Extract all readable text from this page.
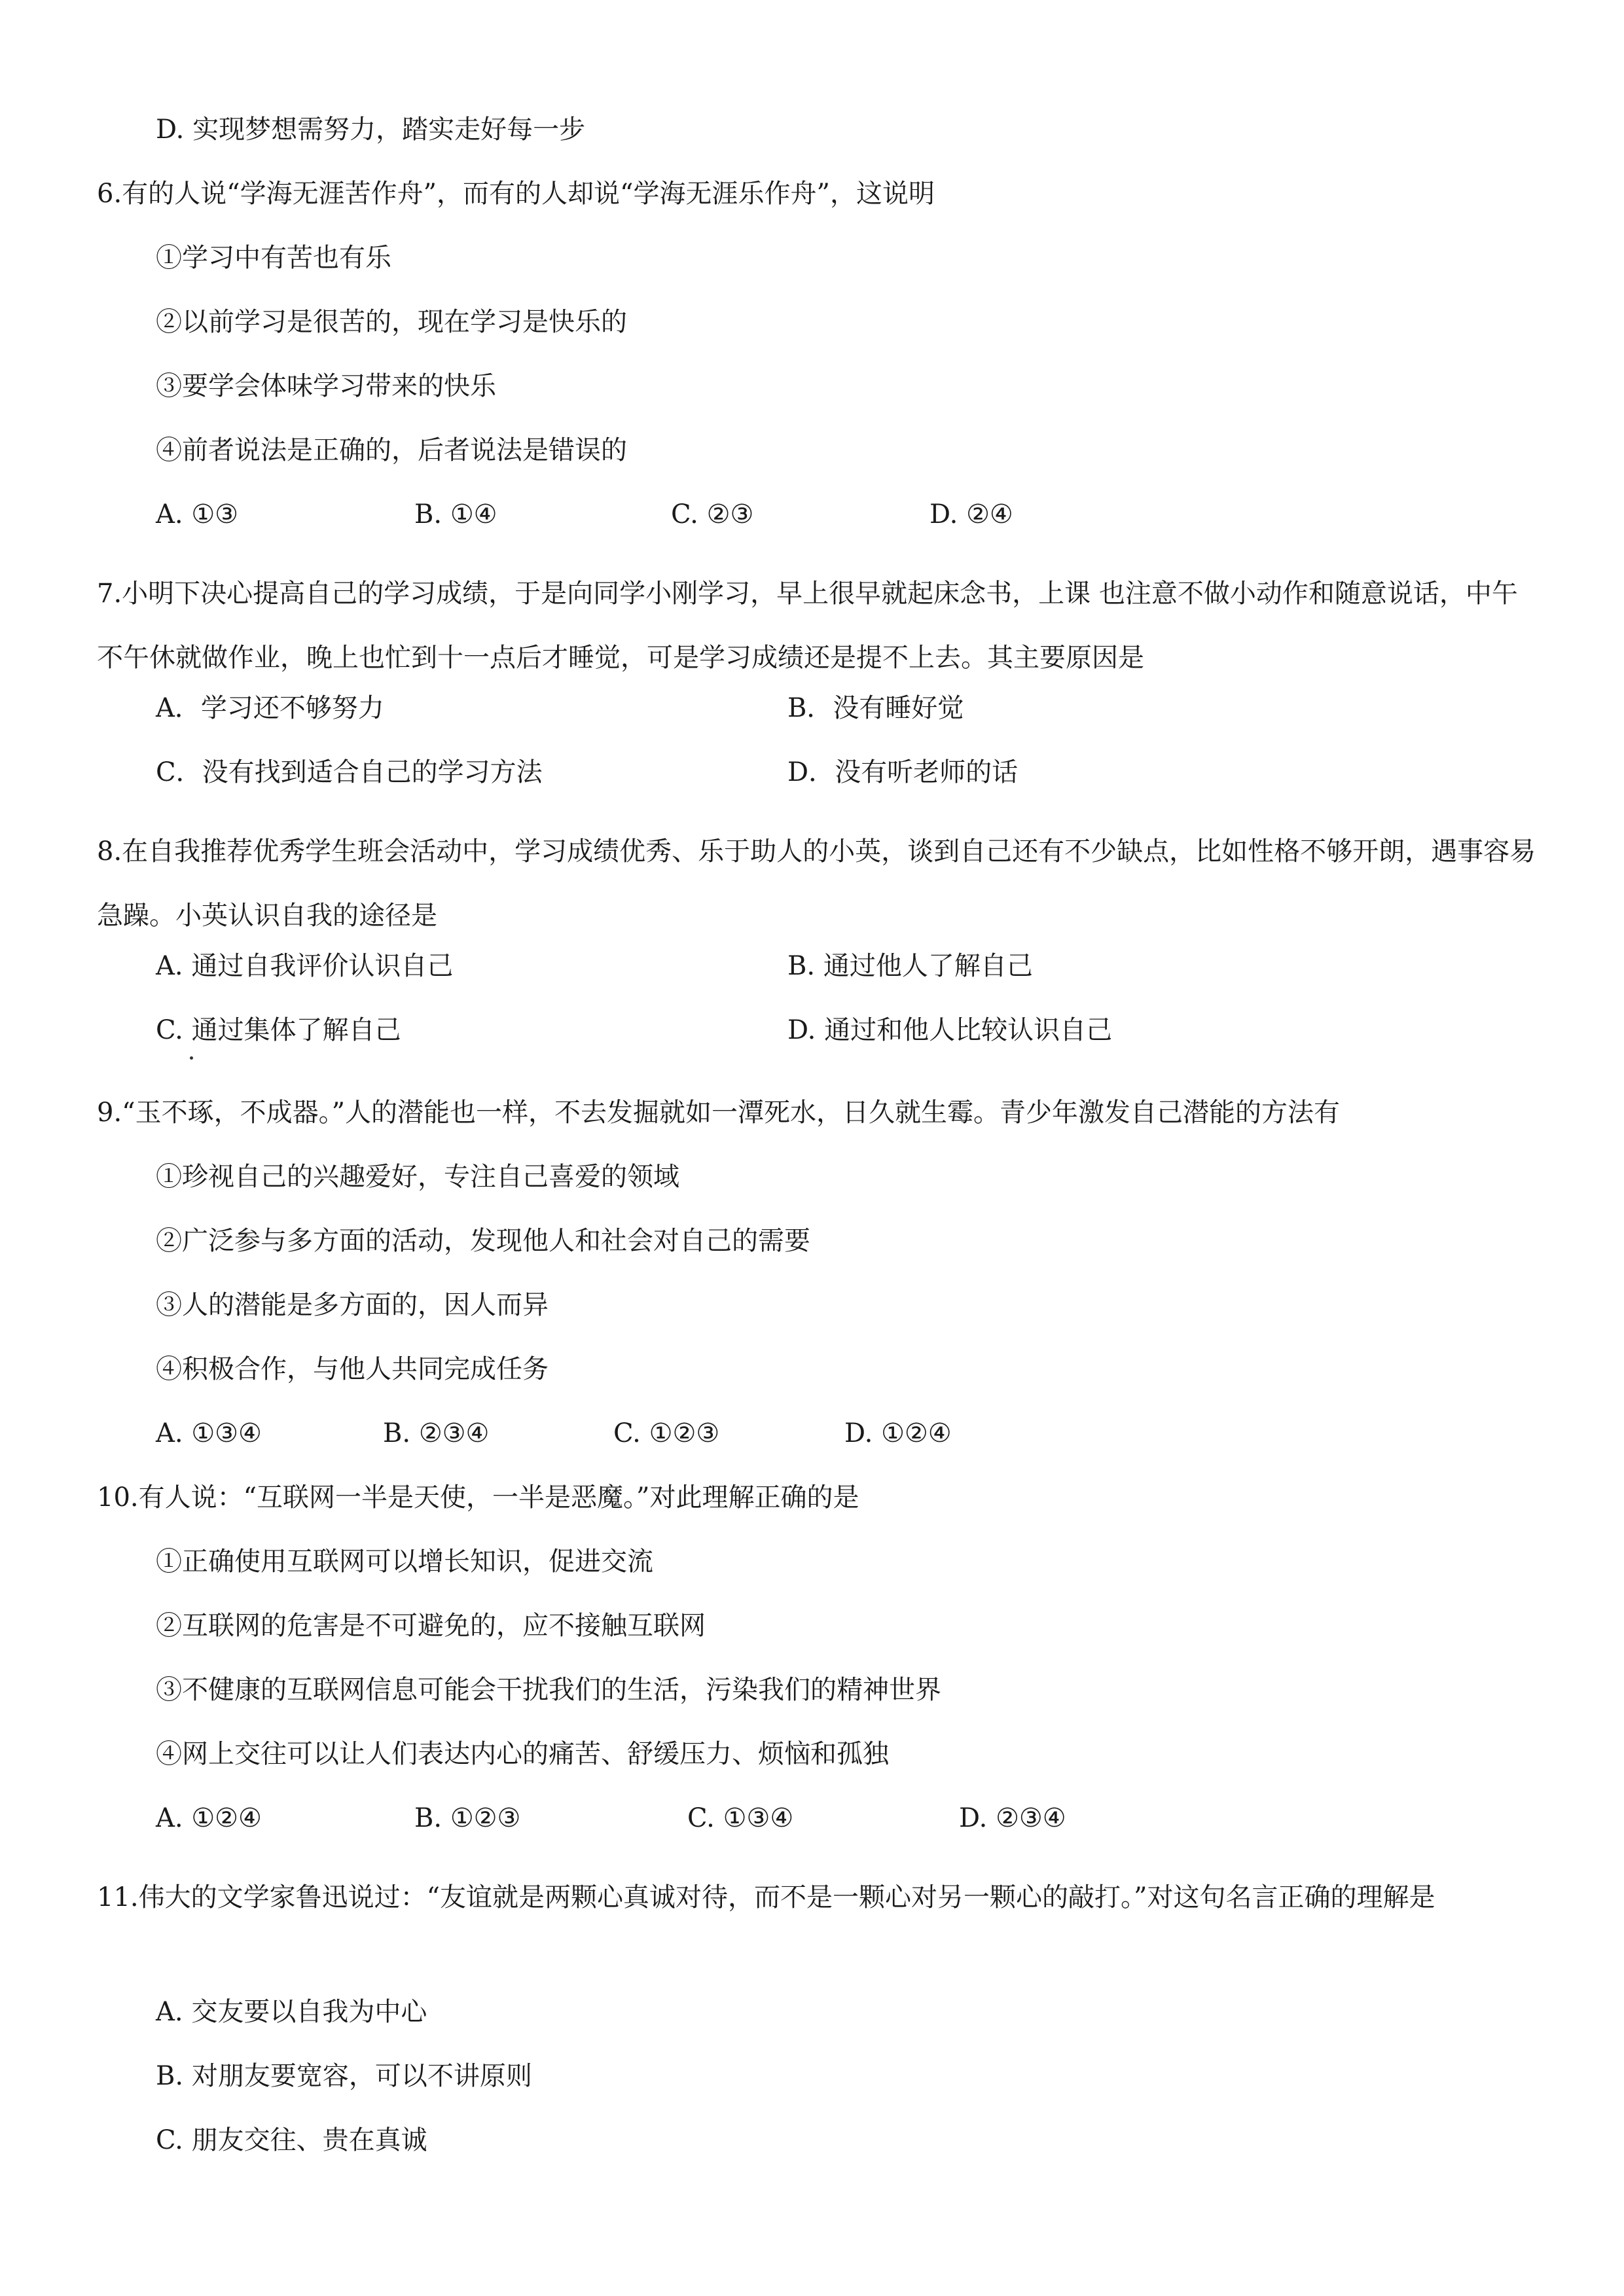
D. 实现梦想需努力，踏实走好每一步
6.有的人说“学海无涯苦作舟”，而有的人却说“学海无涯乐作舟”，这说明
①学习中有苦也有乐
②以前学习是很苦的，现在学习是快乐的
③要学会体味学习带来的快乐
④前者说法是正确的，后者说法是错误的
A. ①③	B. ①④	C. ②③	D. ②④
7.小明下决心提高自己的学习成绩，于是向同学小刚学习，早上很早就起床念书，上课 也注意不做小动作和随意说话，中午不午休就做作业，晚上也忙到十一点后才睡觉，可是学习成绩还是提不上去。其主要原因是
A．学习还不够努力	B．没有睡好觉
C．没有找到适合自己的学习方法	D．没有听老师的话
8.在自我推荐优秀学生班会活动中，学习成绩优秀、乐于助人的小英，谈到自己还有不少缺点，比如性格不够开朗，遇事容易急躁。小英认识自我的途径是
A. 通过自我评价认识自己	B. 通过他人了解自己
C. 通过集体了解自己	D. 通过和他人比较认识自己
9.“玉不琢，不成器。”人的潜能也一样，不去发掘就如一潭死水，日久就生霉。青少年激发自己潜能的方法有
①珍视自己的兴趣爱好，专注自己喜爱的领域
②广泛参与多方面的活动，发现他人和社会对自己的需要
③人的潜能是多方面的，因人而异
④积极合作，与他人共同完成任务
A. ①③④	B. ②③④	C. ①②③	D. ①②④
10.有人说：“互联网一半是天使，一半是恶魔。”对此理解正确的是
①正确使用互联网可以增长知识，促进交流
②互联网的危害是不可避免的，应不接触互联网
③不健康的互联网信息可能会干扰我们的生活，污染我们的精神世界
④网上交往可以让人们表达内心的痛苦、舒缓压力、烦恼和孤独
A. ①②④	B. ①②③	C. ①③④	D. ②③④
11.伟大的文学家鲁迅说过：“友谊就是两颗心真诚对待，而不是一颗心对另一颗心的敲打。”对这句名言正确的理解是
A. 交友要以自我为中心
B. 对朋友要宽容，可以不讲原则
C. 朋友交往、贵在真诚
